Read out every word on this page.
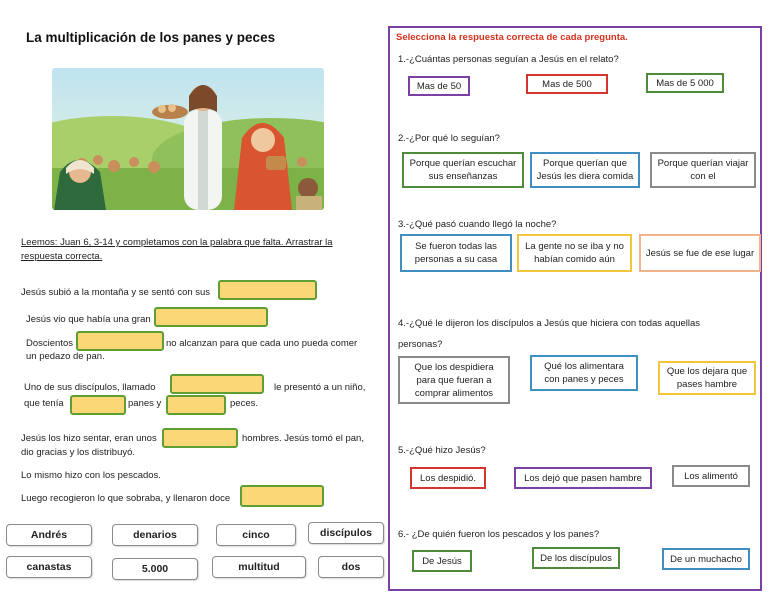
La multiplicación de los panes y peces
Leemos: Juan 6, 3-14 y completamos con la palabra que falta. Arrastrar la respuesta correcta.
Jesús subió a la montaña y se sentó con sus
Jesús vio que había una gran
Doscientos	no alcanzan para que cada uno pueda comer
un pedazo de pan.
Uno de sus discípulos, llamado	le presentó a un niño,
que tenía	panes y	peces.
Jesús los hizo sentar, eran unos	hombres. Jesús tomó el pan,
dio gracias y los distribuyó.
Lo mismo hizo con los pescados.
Luego recogieron lo que sobraba, y llenaron doce
Andrés	denarios	cinco	discípulos
canastas	5.000	multitud	dos
Selecciona la respuesta correcta de cada pregunta.
1.-¿Cuántas personas seguían a Jesús en el relato?
Mas de 50	Mas de 500	Mas de 5 000
2.-¿Por qué lo seguían?
Porque querían escuchar sus enseñanzas
Porque querían que Jesús les diera comida
Porque querían viajar con el
3.-¿Qué pasó cuando llegó la noche?
Se fueron todas las personas a su casa
La gente no se iba y no habían comido aún
Jesús se fue de ese lugar
4.-¿Qué le dijeron los discípulos a Jesús que hiciera con todas aquellas
personas?
Que los despidiera para que fueran a comprar alimentos
Qué los alimentara con panes y peces
Que los dejara que pases hambre
5.-¿Qué hizo Jesús?
Los despidió.	Los dejó que pasen hambre	Los alimentó
6.- ¿De quién fueron los pescados y los panes?
De Jesús	De los discípulos	De un muchacho
